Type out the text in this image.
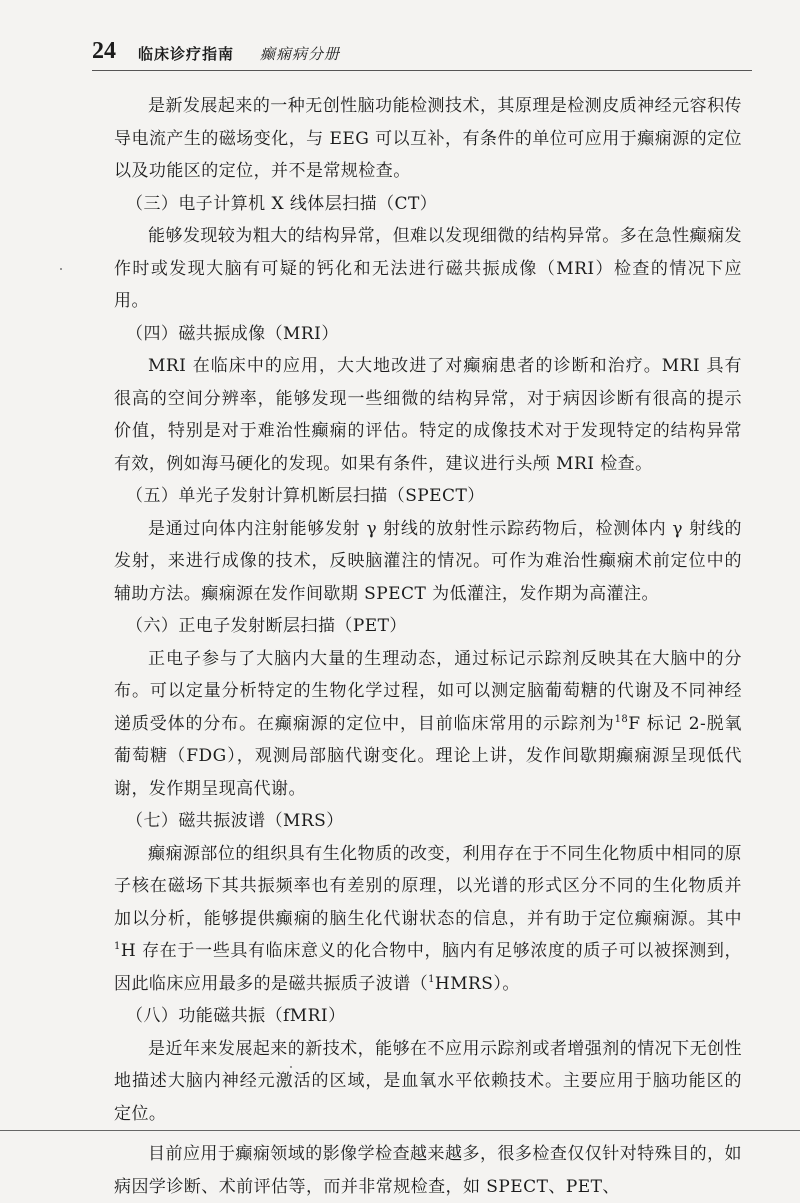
24 临床诊疗指南 癫痫病分册

是新发展起来的一种无创性脑功能检测技术，其原理是检测皮质神经元容积传导电流产生的磁场变化，与 EEG 可以互补，有条件的单位可应用于癫痫源的定位以及功能区的定位，并不是常规检查。

（三）电子计算机 X 线体层扫描（CT）

能够发现较为粗大的结构异常，但难以发现细微的结构异常。多在急性癫痫发作时或发现大脑有可疑的钙化和无法进行磁共振成像（MRI）检查的情况下应用。

（四）磁共振成像（MRI）

MRI 在临床中的应用，大大地改进了对癫痫患者的诊断和治疗。MRI 具有很高的空间分辨率，能够发现一些细微的结构异常，对于病因诊断有很高的提示价值，特别是对于难治性癫痫的评估。特定的成像技术对于发现特定的结构异常有效，例如海马硬化的发现。如果有条件，建议进行头颅 MRI 检查。

（五）单光子发射计算机断层扫描（SPECT）

是通过向体内注射能够发射 γ 射线的放射性示踪药物后，检测体内 γ 射线的发射，来进行成像的技术，反映脑灌注的情况。可作为难治性癫痫术前定位中的辅助方法。癫痫源在发作间歇期 SPECT 为低灌注，发作期为高灌注。

（六）正电子发射断层扫描（PET）

正电子参与了大脑内大量的生理动态，通过标记示踪剂反映其在大脑中的分布。可以定量分析特定的生物化学过程，如可以测定脑葡萄糖的代谢及不同神经递质受体的分布。在癫痫源的定位中，目前临床常用的示踪剂为$^{18}$F 标记 2-脱氧葡萄糖（FDG），观测局部脑代谢变化。理论上讲，发作间歇期癫痫源呈现低代谢，发作期呈现高代谢。

（七）磁共振波谱（MRS）

癫痫源部位的组织具有生化物质的改变，利用存在于不同生化物质中相同的原子核在磁场下其共振频率也有差别的原理，以光谱的形式区分不同的生化物质并加以分析，能够提供癫痫的脑生化代谢状态的信息，并有助于定位癫痫源。其中$^1$H 存在于一些具有临床意义的化合物中，脑内有足够浓度的质子可以被探测到，因此临床应用最多的是磁共振质子波谱（$^1$HMRS）。

（八）功能磁共振（fMRI）

是近年来发展起来的新技术，能够在不应用示踪剂或者增强剂的情况下无创性地描述大脑内神经元激活的区域，是血氧水平依赖技术。主要应用于脑功能区的定位。

目前应用于癫痫领域的影像学检查越来越多，很多检查仅仅针对特殊目的，如病因学诊断、术前评估等，而并非常规检查，如 SPECT、PET、
